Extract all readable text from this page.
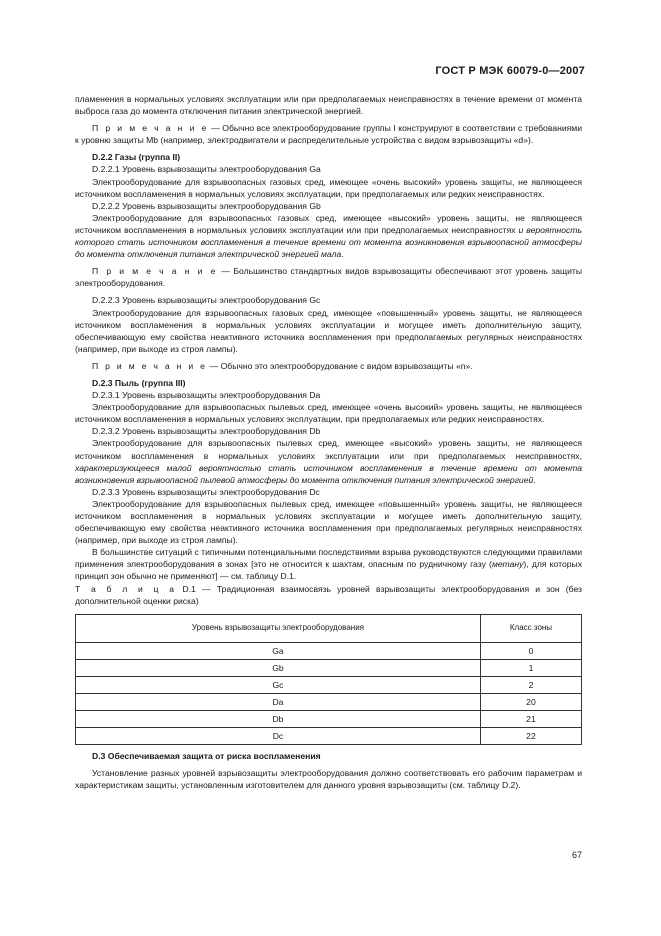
ГОСТ Р МЭК 60079-0—2007

пламенения в нормальных условиях эксплуатации или при предполагаемых неисправностях в течение времени от момента выброса газа до момента отключения питания электрической энергией.

П р и м е ч а н и е — Обычно все электрооборудование группы I конструируют в соответствии с требованиями к уровню защиты Mb (например, электродвигатели и распределительные устройства с видом взрывозащиты «d»).

D.2.2 Газы (группа II)

D.2.2.1 Уровень взрывозащиты электрооборудования Ga

Электрооборудование для взрывоопасных газовых сред, имеющее «очень высокий» уровень защиты, не являющееся источником воспламенения в нормальных условиях эксплуатации, при предполагаемых или редких неисправностях.

D.2.2.2 Уровень взрывозащиты электрооборудования Gb

Электрооборудование для взрывоопасных газовых сред, имеющее «высокий» уровень защиты, не являющееся источником воспламенения в нормальных условиях эксплуатации или при предполагаемых неисправностях и вероятность которого стать источником воспламенения в течение времени от момента возникновения взрывоопасной атмосферы до момента отключения питания электрической энергией мала.

П р и м е ч а н и е — Большинство стандартных видов взрывозащиты обеспечивают этот уровень защиты электрооборудования.

D.2.2.3 Уровень взрывозащиты электрооборудования Gc

Электрооборудование для взрывоопасных газовых сред, имеющее «повышенный» уровень защиты, не являющееся источником воспламенения в нормальных условиях эксплуатации и могущее иметь дополнительную защиту, обеспечивающую ему свойства неактивного источника воспламенения при предполагаемых регулярных неисправностях (например, при выходе из строя лампы).

П р и м е ч а н и е — Обычно это электрооборудование с видом взрывозащиты «n».

D.2.3 Пыль (группа III)

D.2.3.1 Уровень взрывозащиты электрооборудования Da

Электрооборудование для взрывоопасных пылевых сред, имеющее «очень высокий» уровень защиты, не являющееся источником воспламенения в нормальных условиях эксплуатации, при предполагаемых или редких неисправностях.

D.2.3.2 Уровень взрывозащиты электрооборудования Db

Электрооборудование для взрывоопасных пылевых сред, имеющее «высокий» уровень защиты, не являющееся источником воспламенения в нормальных условиях эксплуатации или при предполагаемых неисправностях, характеризующееся малой вероятностью стать источником воспламенения в течение времени от момента возникновения взрывоопасной пылевой атмосферы до момента отключения питания электрической энергией.

D.2.3.3 Уровень взрывозащиты электрооборудования Dc

Электрооборудование для взрывоопасных пылевых сред, имеющее «повышенный» уровень защиты, не являющееся источником воспламенения в нормальных условиях эксплуатации и могущее иметь дополнительную защиту, обеспечивающую ему свойства неактивного источника воспламенения при предполагаемых регулярных неисправностях (например, при выходе из строя лампы).

В большинстве ситуаций с типичными потенциальными последствиями взрыва руководствуются следующими правилами применения электрооборудования в зонах [это не относится к шахтам, опасным по рудничному газу (метану), для которых принцип зон обычно не применяют] — см. таблицу D.1.

Т а б л и ц а D.1 — Традиционная взаимосвязь уровней взрывозащиты электрооборудования и зон (без дополнительной оценки риска)

Уровень взрывозащиты электрооборудования	Класс зоны
Ga	0
Gb	1
Gc	2
Da	20
Db	21
Dc	22

D.3 Обеспечиваемая защита от риска воспламенения

Установление разных уровней взрывозащиты электрооборудования должно соответствовать его рабочим параметрам и характеристикам защиты, установленным изготовителем для данного уровня взрывозащиты (см. таблицу D.2).

67
